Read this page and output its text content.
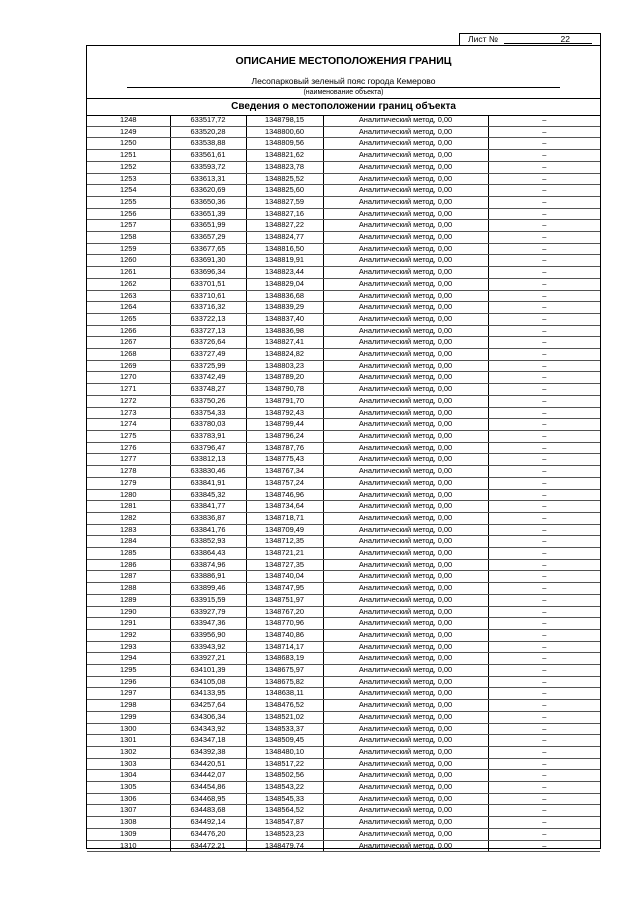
Лист №	22
ОПИСАНИЕ МЕСТОПОЛОЖЕНИЯ ГРАНИЦ
Лесопарковый зеленый пояс города Кемерово
(наименование объекта)
Сведения о местоположении границ объекта
1248	633517,72	1348798,15	Аналитический метод, 0,00	–
1249	633520,28	1348800,60	Аналитический метод, 0,00	–
1250	633538,88	1348809,56	Аналитический метод, 0,00	–
1251	633561,61	1348821,62	Аналитический метод, 0,00	–
1252	633593,72	1348823,78	Аналитический метод, 0,00	–
1253	633613,31	1348825,52	Аналитический метод, 0,00	–
1254	633620,69	1348825,60	Аналитический метод, 0,00	–
1255	633650,36	1348827,59	Аналитический метод, 0,00	–
1256	633651,39	1348827,16	Аналитический метод, 0,00	–
1257	633651,99	1348827,22	Аналитический метод, 0,00	–
1258	633657,29	1348824,77	Аналитический метод, 0,00	–
1259	633677,65	1348816,50	Аналитический метод, 0,00	–
1260	633691,30	1348819,91	Аналитический метод, 0,00	–
1261	633696,34	1348823,44	Аналитический метод, 0,00	–
1262	633701,51	1348829,04	Аналитический метод, 0,00	–
1263	633710,61	1348836,68	Аналитический метод, 0,00	–
1264	633716,32	1348839,29	Аналитический метод, 0,00	–
1265	633722,13	1348837,40	Аналитический метод, 0,00	–
1266	633727,13	1348836,98	Аналитический метод, 0,00	–
1267	633726,64	1348827,41	Аналитический метод, 0,00	–
1268	633727,49	1348824,82	Аналитический метод, 0,00	–
1269	633725,99	1348803,23	Аналитический метод, 0,00	–
1270	633742,49	1348789,20	Аналитический метод, 0,00	–
1271	633748,27	1348790,78	Аналитический метод, 0,00	–
1272	633750,26	1348791,70	Аналитический метод, 0,00	–
1273	633754,33	1348792,43	Аналитический метод, 0,00	–
1274	633780,03	1348799,44	Аналитический метод, 0,00	–
1275	633783,91	1348796,24	Аналитический метод, 0,00	–
1276	633796,47	1348787,76	Аналитический метод, 0,00	–
1277	633812,13	1348775,43	Аналитический метод, 0,00	–
1278	633830,46	1348767,34	Аналитический метод, 0,00	–
1279	633841,91	1348757,24	Аналитический метод, 0,00	–
1280	633845,32	1348746,96	Аналитический метод, 0,00	–
1281	633841,77	1348734,64	Аналитический метод, 0,00	–
1282	633836,87	1348718,71	Аналитический метод, 0,00	–
1283	633841,76	1348709,49	Аналитический метод, 0,00	–
1284	633852,93	1348712,35	Аналитический метод, 0,00	–
1285	633864,43	1348721,21	Аналитический метод, 0,00	–
1286	633874,96	1348727,35	Аналитический метод, 0,00	–
1287	633886,91	1348740,04	Аналитический метод, 0,00	–
1288	633899,46	1348747,95	Аналитический метод, 0,00	–
1289	633915,59	1348751,97	Аналитический метод, 0,00	–
1290	633927,79	1348767,20	Аналитический метод, 0,00	–
1291	633947,36	1348770,96	Аналитический метод, 0,00	–
1292	633956,90	1348740,86	Аналитический метод, 0,00	–
1293	633943,92	1348714,17	Аналитический метод, 0,00	–
1294	633927,21	1348683,19	Аналитический метод, 0,00	–
1295	634101,39	1348675,97	Аналитический метод, 0,00	–
1296	634105,08	1348675,82	Аналитический метод, 0,00	–
1297	634133,95	1348638,11	Аналитический метод, 0,00	–
1298	634257,64	1348476,52	Аналитический метод, 0,00	–
1299	634306,34	1348521,02	Аналитический метод, 0,00	–
1300	634343,92	1348533,37	Аналитический метод, 0,00	–
1301	634347,18	1348509,45	Аналитический метод, 0,00	–
1302	634392,38	1348480,10	Аналитический метод, 0,00	–
1303	634420,51	1348517,22	Аналитический метод, 0,00	–
1304	634442,07	1348502,56	Аналитический метод, 0,00	–
1305	634454,86	1348543,22	Аналитический метод, 0,00	–
1306	634468,95	1348545,33	Аналитический метод, 0,00	–
1307	634483,68	1348564,52	Аналитический метод, 0,00	–
1308	634492,14	1348547,87	Аналитический метод, 0,00	–
1309	634476,20	1348523,23	Аналитический метод, 0,00	–
1310	634472,21	1348479,74	Аналитический метод, 0,00	–
